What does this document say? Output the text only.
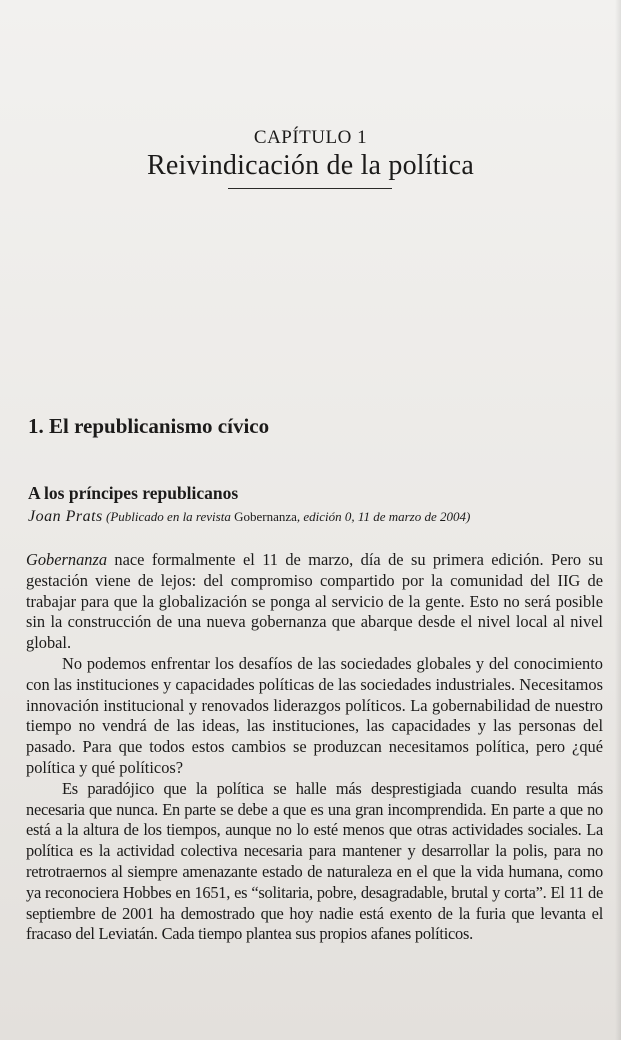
CAPÍTULO 1
Reivindicación de la política
1. El republicanismo cívico
A los príncipes republicanos
Joan Prats (Publicado en la revista Gobernanza, edición 0, 11 de marzo de 2004)

Gobernanza nace formalmente el 11 de marzo, día de su primera edición. Pero su gestación viene de lejos: del compromiso compartido por la comunidad del IIG de trabajar para que la globalización se ponga al servicio de la gente. Esto no será posible sin la construcción de una nueva gobernanza que abarque desde el nivel local al nivel global.

No podemos enfrentar los desafíos de las sociedades globales y del conocimiento con las instituciones y capacidades políticas de las sociedades industriales. Necesitamos innovación institucional y renovados liderazgos políticos. La gobernabilidad de nuestro tiempo no vendrá de las ideas, las instituciones, las capacidades y las personas del pasado. Para que todos estos cambios se produzcan necesitamos política, pero ¿qué política y qué políticos?

Es paradójico que la política se halle más desprestigiada cuando resulta más necesaria que nunca. En parte se debe a que es una gran incomprendida. En parte a que no está a la altura de los tiempos, aunque no lo esté menos que otras actividades sociales. La política es la actividad colectiva necesaria para mantener y desarrollar la polis, para no retrotraernos al siempre amenazante estado de naturaleza en el que la vida humana, como ya reconociera Hobbes en 1651, es “solitaria, pobre, desagradable, brutal y corta”. El 11 de septiembre de 2001 ha demostrado que hoy nadie está exento de la furia que levanta el fracaso del Leviatán. Cada tiempo plantea sus propios afanes políticos.
